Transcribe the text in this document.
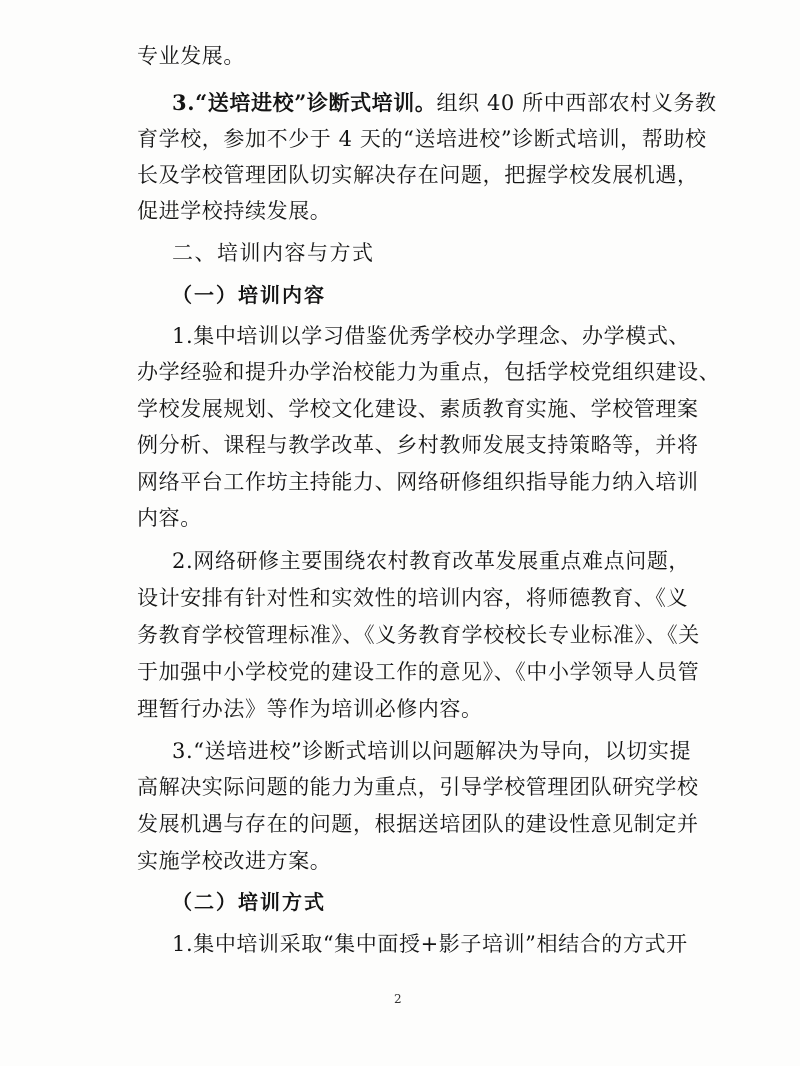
专业发展。
3.“送培进校”诊断式培训。组织 40 所中西部农村义务教
育学校，参加不少于 4 天的“送培进校”诊断式培训，帮助校
长及学校管理团队切实解决存在问题，把握学校发展机遇，
促进学校持续发展。
二、培训内容与方式
（一）培训内容
1.集中培训以学习借鉴优秀学校办学理念、办学模式、
办学经验和提升办学治校能力为重点，包括学校党组织建设、
学校发展规划、学校文化建设、素质教育实施、学校管理案
例分析、课程与教学改革、乡村教师发展支持策略等，并将
网络平台工作坊主持能力、网络研修组织指导能力纳入培训
内容。
2.网络研修主要围绕农村教育改革发展重点难点问题，
设计安排有针对性和实效性的培训内容，将师德教育、《义
务教育学校管理标准》、《义务教育学校校长专业标准》、《关
于加强中小学校党的建设工作的意见》、《中小学领导人员管
理暂行办法》等作为培训必修内容。
3.“送培进校”诊断式培训以问题解决为导向，以切实提
高解决实际问题的能力为重点，引导学校管理团队研究学校
发展机遇与存在的问题，根据送培团队的建设性意见制定并
实施学校改进方案。
（二）培训方式
1.集中培训采取“集中面授+影子培训”相结合的方式开
2
